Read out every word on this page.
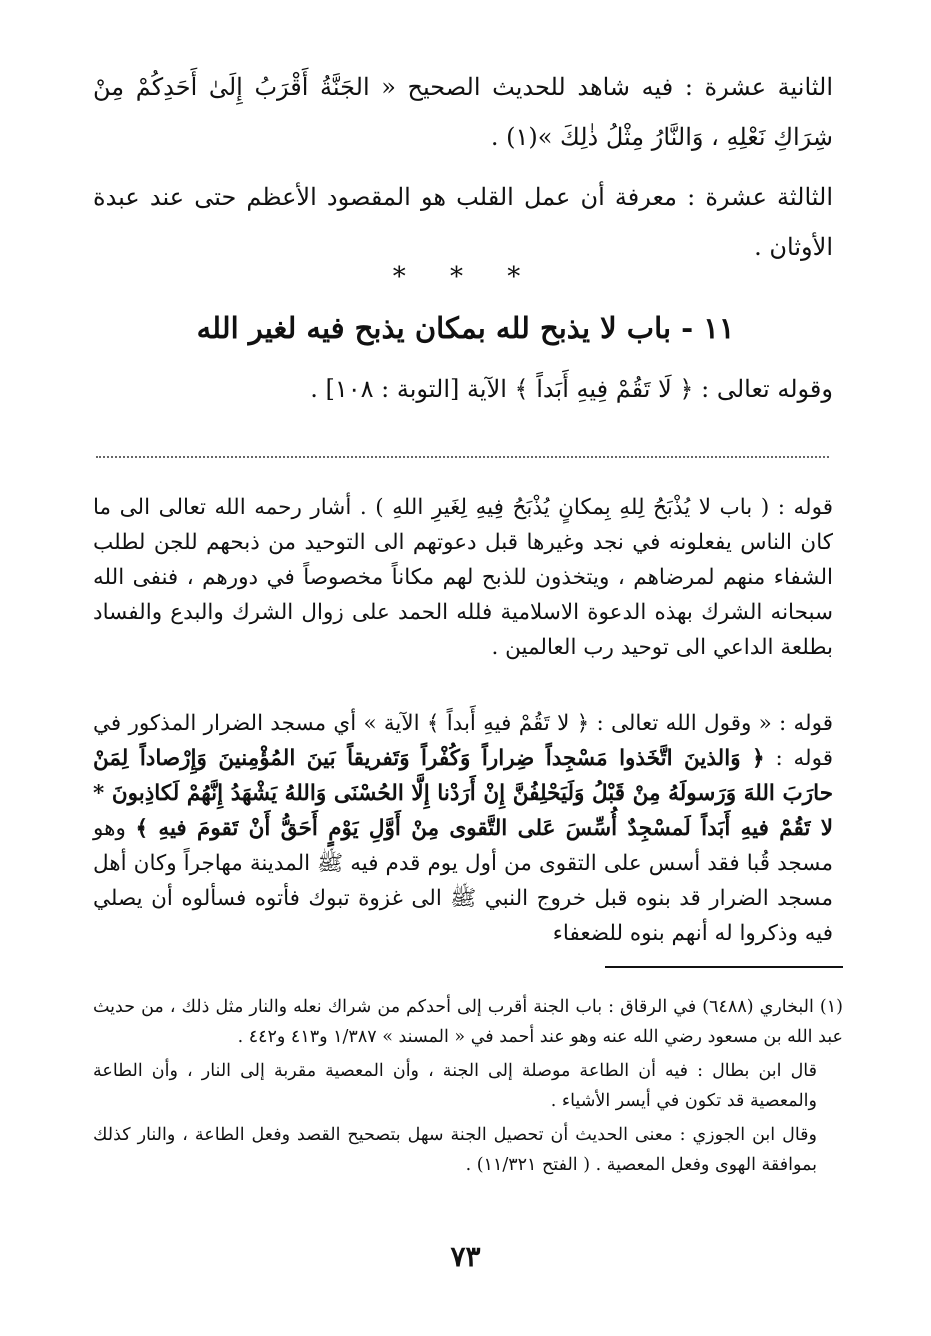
الثانية عشرة : فيه شاهد للحديث الصحيح « الجَنَّةُ أَقْرَبُ إِلَىٰ أَحَدِكُمْ مِنْ شِرَاكِ نَعْلِهِ ، وَالنَّارُ مِثْلُ ذٰلِكَ »(١) .

الثالثة عشرة : معرفة أن عمل القلب هو المقصود الأعظم حتى عند عبدة الأوثان .

* * *
١١ - باب لا يذبح لله بمكان يذبح فيه لغير الله

وقوله تعالى : ﴿ لَا تَقُمْ فِيهِ أَبَداً ﴾ الآية [التوبة : ١٠٨] .

قوله : ( باب لا يُذْبَحُ لِلهِ بِمكانٍ يُذْبَحُ فِيهِ لِغَيرِ اللهِ ) . أشار رحمه الله تعالى الى ما كان الناس يفعلونه في نجد وغيرها قبل دعوتهم الى التوحيد من ذبحهم للجن لطلب الشفاء منهم لمرضاهم ، ويتخذون للذبح لهم مكاناً مخصوصاً في دورهم ، فنفى الله سبحانه الشرك بهذه الدعوة الاسلامية فلله الحمد على زوال الشرك والبدع والفساد بطلعة الداعي الى توحيد رب العالمين .

قوله : « وقول الله تعالى : ﴿ لا تَقُمْ فيهِ أَبداً ﴾ الآية » أي مسجد الضرار المذكور في قوله : ﴿ وَالذينَ اتَّخَذوا مَسْجِداً ضِراراً وَكُفْراً وَتَفريقاً بَينَ المُؤْمِنينَ وَإِرْصاداً لِمَنْ حارَبَ اللهَ وَرَسولَهُ مِنْ قَبْلُ وَلَيَحْلِفُنَّ إِنْ أَرَدْنا إِلَّا الحُسْنَى وَاللهُ يَشْهَدُ إِنَّهُمْ لَكاذِبونَ * لا تَقُمْ فيهِ أَبَداً لَمسْجِدٌ أُسِّسَ عَلى التَّقوى مِنْ أَوَّلِ يَوْمٍ أَحَقُّ أَنْ تَقومَ فيهِ ﴾ وهو مسجد قُبا فقد أسس على التقوى من أول يوم قدم فيه ﷺ المدينة مهاجراً وكان أهل مسجد الضرار قد بنوه قبل خروج النبي ﷺ الى غزوة تبوك فأتوه فسألوه أن يصلي فيه وذكروا له أنهم بنوه للضعفاء

(١) البخاري (٦٤٨٨) في الرقاق : باب الجنة أقرب إلى أحدكم من شراك نعله والنار مثل ذلك ، من حديث عبد الله بن مسعود رضي الله عنه وهو عند أحمد في « المسند » ١/٣٨٧ و٤١٣ و٤٤٢ .

قال ابن بطال : فيه أن الطاعة موصلة إلى الجنة ، وأن المعصية مقربة إلى النار ، وأن الطاعة والمعصية قد تكون في أيسر الأشياء .

وقال ابن الجوزي : معنى الحديث أن تحصيل الجنة سهل بتصحيح القصد وفعل الطاعة ، والنار كذلك بموافقة الهوى وفعل المعصية . ( الفتح ١١/٣٢١) .

٧٣
